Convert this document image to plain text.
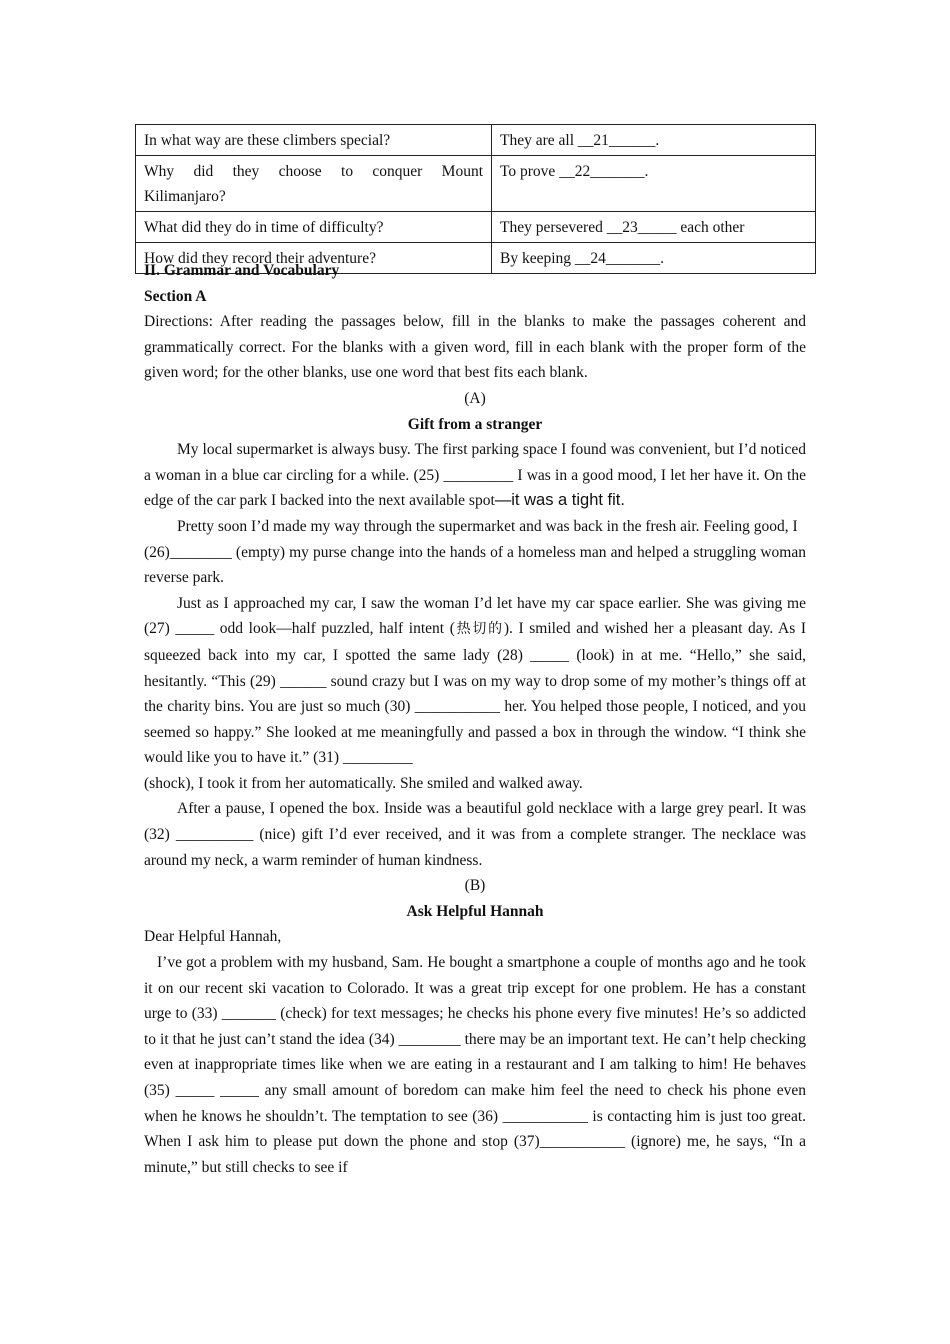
In what way are these climbers special?	They are all __21______.

Why did they choose to conquer Mount
Kilimanjaro?	To prove __22_______.
What did they do in time of difficulty?	They persevered __23_____ each other
How did they record their adventure?	By keeping __24_______.

II. Grammar and Vocabulary

Section A

Directions: After reading the passages below, fill in the blanks to make the passages coherent and grammatically correct. For the blanks with a given word, fill in each blank with the proper form of the given word; for the other blanks, use one word that best fits each blank.

(A)

Gift from a stranger

My local supermarket is always busy. The first parking space I found was convenient, but I’d noticed a woman in a blue car circling for a while. (25) _________ I was in a good mood, I let her have it. On the edge of the car park I backed into the next available spot—it was a tight fit.

Pretty soon I’d made my way through the supermarket and was back in the fresh air. Feeling good, I

(26)________ (empty) my purse change into the hands of a homeless man and helped a struggling woman reverse park.

Just as I approached my car, I saw the woman I’d let have my car space earlier. She was giving me (27) _____ odd look—half puzzled, half intent (热切的). I smiled and wished her a pleasant day. As I squeezed back into my car, I spotted the same lady (28) _____ (look) in at me. “Hello,” she said, hesitantly. “This (29) ______ sound crazy but I was on my way to drop some of my mother’s things off at the charity bins. You are just so much (30) ___________ her. You helped those people, I noticed, and you seemed so happy.” She looked at me meaningfully and passed a box in through the window. “I think she would like you to have it.” (31) _________

(shock), I took it from her automatically. She smiled and walked away.

After a pause, I opened the box. Inside was a beautiful gold necklace with a large grey pearl. It was (32) __________ (nice) gift I’d ever received, and it was from a complete stranger. The necklace was around my neck, a warm reminder of human kindness.

(B)

Ask Helpful Hannah

Dear Helpful Hannah,

I’ve got a problem with my husband, Sam. He bought a smartphone a couple of months ago and he took it on our recent ski vacation to Colorado. It was a great trip except for one problem. He has a constant urge to (33) _______ (check) for text messages; he checks his phone every five minutes! He’s so addicted to it that he just can’t stand the idea (34) ________ there may be an important text. He can’t help checking even at inappropriate times like when we are eating in a restaurant and I am talking to him! He behaves (35) _____ _____ any small amount of boredom can make him feel the need to check his phone even when he knows he shouldn’t. The temptation to see (36) ___________ is contacting him is just too great. When I ask him to please put down the phone and stop (37)___________ (ignore) me, he says, “In a minute,” but still checks to see if
